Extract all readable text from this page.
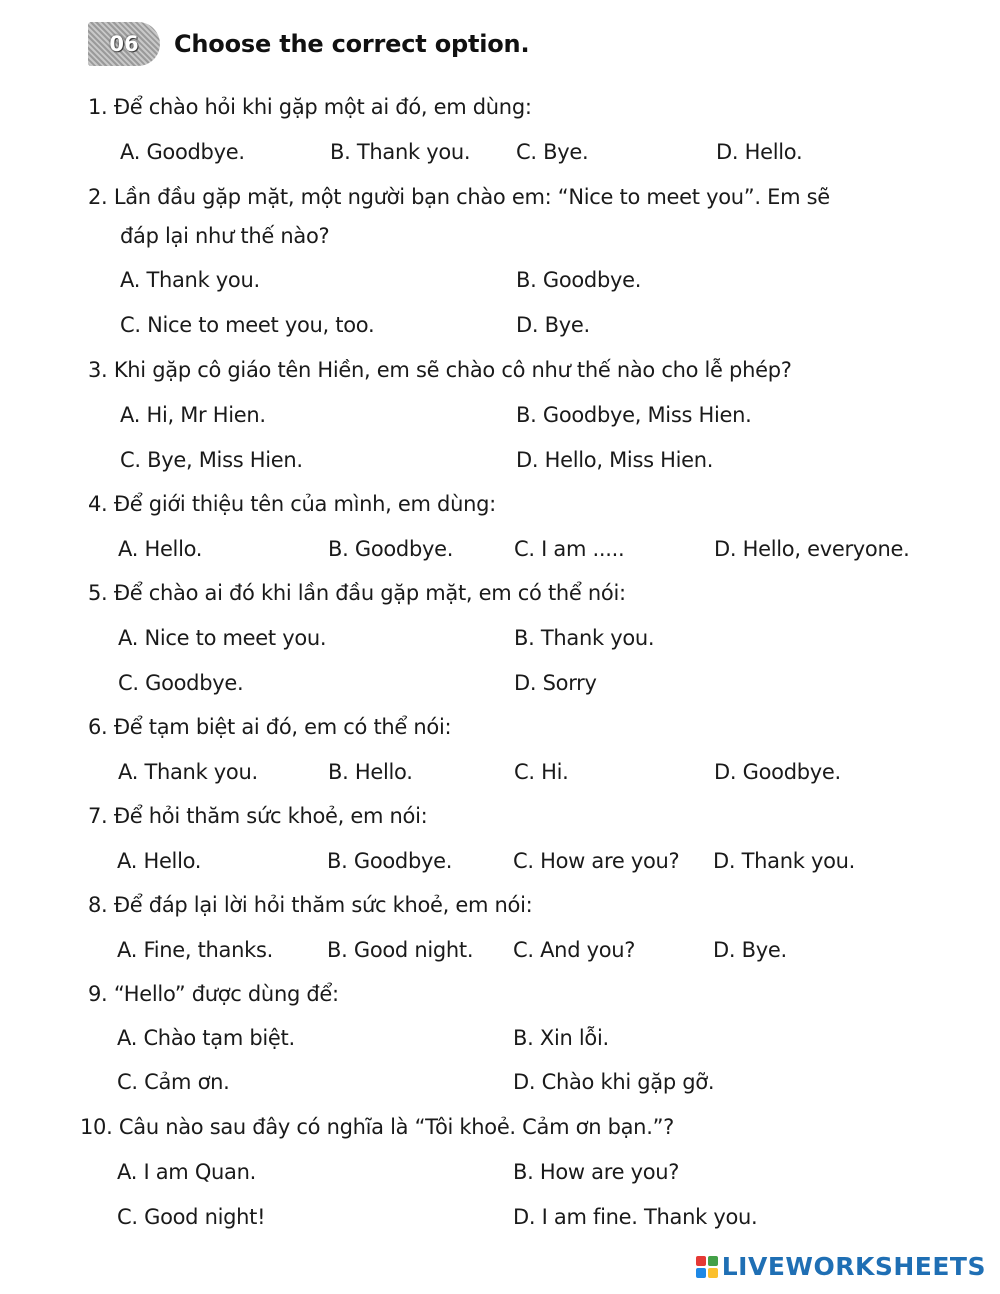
06	Choose the correct option.
1. Để chào hỏi khi gặp một ai đó, em dùng:
A. Goodbye.	B. Thank you. C. Bye.	D. Hello.
2. Lần đầu gặp mặt, một người bạn chào em: “Nice to meet you”. Em sẽ
đáp lại như thế nào?
A. Thank you.	B. Goodbye.
C. Nice to meet you, too.	D. Bye.
3. Khi gặp cô giáo tên Hiền, em sẽ chào cô như thế nào cho lễ phép?
A. Hi, Mr Hien.	B. Goodbye, Miss Hien.
C. Bye, Miss Hien.	D. Hello, Miss Hien.
4. Để giới thiệu tên của mình, em dùng:
A. Hello.	B. Goodbye.	C. I am .....	D. Hello, everyone.
5. Để chào ai đó khi lần đầu gặp mặt, em có thể nói:
A. Nice to meet you.	B. Thank you.
C. Goodbye.	D. Sorry
6. Để tạm biệt ai đó, em có thể nói:
A. Thank you.	B. Hello.	C. Hi.	D. Goodbye.
7. Để hỏi thăm sức khoẻ, em nói:
A. Hello.	B. Goodbye.	C. How are you? D. Thank you.
8. Để đáp lại lời hỏi thăm sức khoẻ, em nói:
A. Fine, thanks.	B. Good night. C. And you?	D. Bye.
9. “Hello” được dùng để:
A. Chào tạm biệt.	B. Xin lỗi.
C. Cảm ơn.	D. Chào khi gặp gỡ.
10. Câu nào sau đây có nghĩa là “Tôi khoẻ. Cảm ơn bạn.”?
A. I am Quan.	B. How are you?
C. Good night!	D. I am fine. Thank you.
LIVEWORKSHEETS
